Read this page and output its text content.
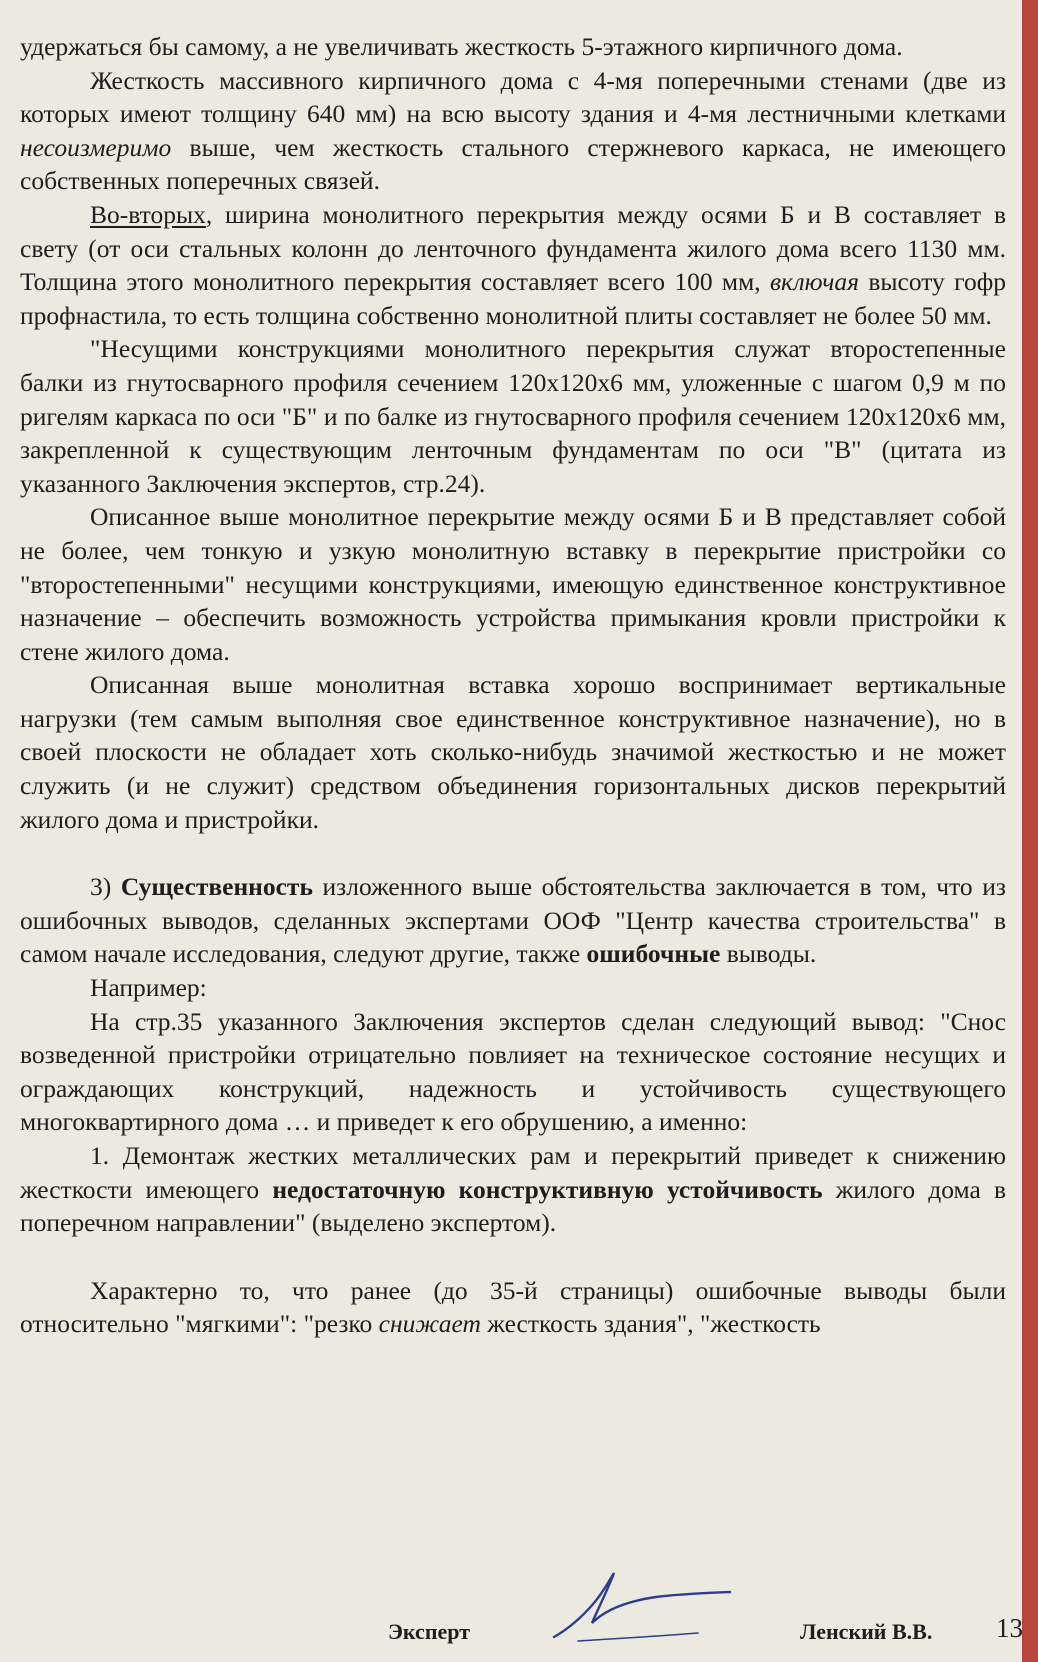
удержаться бы самому, а не увеличивать жесткость 5-этажного кирпичного дома.

Жесткость массивного кирпичного дома с 4-мя поперечными стенами (две из которых имеют толщину 640 мм) на всю высоту здания и 4-мя лестничными клетками несоизмеримо выше, чем жесткость стального стержневого каркаса, не имеющего собственных поперечных связей.

Во-вторых, ширина монолитного перекрытия между осями Б и В составляет в свету (от оси стальных колонн до ленточного фундамента жилого дома всего 1130 мм. Толщина этого монолитного перекрытия составляет всего 100 мм, включая высоту гофр профнастила, то есть толщина собственно монолитной плиты составляет не более 50 мм.

"Несущими конструкциями монолитного перекрытия служат второстепенные балки из гнутосварного профиля сечением 120х120х6 мм, уложенные с шагом 0,9 м по ригелям каркаса по оси "Б" и по балке из гнутосварного профиля сечением 120х120х6 мм, закрепленной к существующим ленточным фундаментам по оси "В" (цитата из указанного Заключения экспертов, стр.24).

Описанное выше монолитное перекрытие между осями Б и В представляет собой не более, чем тонкую и узкую монолитную вставку в перекрытие пристройки со "второстепенными" несущими конструкциями, имеющую единственное конструктивное назначение – обеспечить возможность устройства примыкания кровли пристройки к стене жилого дома.

Описанная выше монолитная вставка хорошо воспринимает вертикальные нагрузки (тем самым выполняя свое единственное конструктивное назначение), но в своей плоскости не обладает хоть сколько-нибудь значимой жесткостью и не может служить (и не служит) средством объединения горизонтальных дисков перекрытий жилого дома и пристройки.

3) Существенность изложенного выше обстоятельства заключается в том, что из ошибочных выводов, сделанных экспертами ООФ "Центр качества строительства" в самом начале исследования, следуют другие, также ошибочные выводы.

Например:

На стр.35 указанного Заключения экспертов сделан следующий вывод: "Снос возведенной пристройки отрицательно повлияет на техническое состояние несущих и ограждающих конструкций, надежность и устойчивость существующего многоквартирного дома … и приведет к его обрушению, а именно:

1. Демонтаж жестких металлических рам и перекрытий приведет к снижению жесткости имеющего недостаточную конструктивную устойчивость жилого дома в поперечном направлении" (выделено экспертом).

Характерно то, что ранее (до 35-й страницы) ошибочные выводы были относительно "мягкими": "резко снижает жесткость здания", "жесткость

Эксперт	Ленский В.В. 13
